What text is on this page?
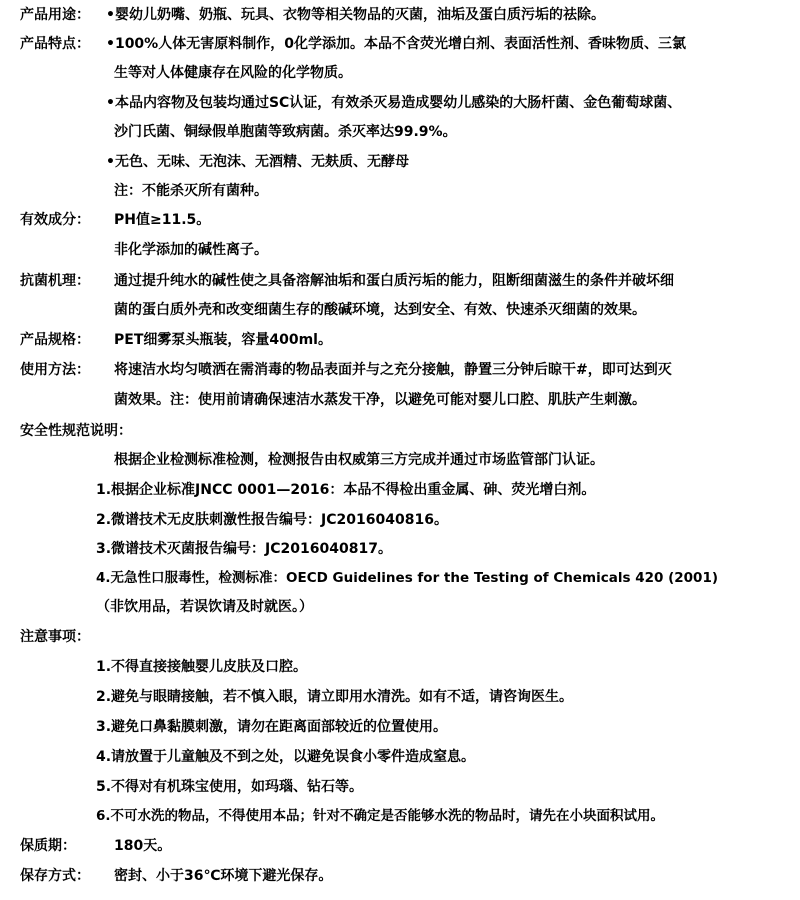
产品用途： •婴幼儿奶嘴、奶瓶、玩具、衣物等相关物品的灭菌，油垢及蛋白质污垢的祛除。
产品特点： •100%人体无害原料制作，0化学添加。本品不含荧光增白剂、表面活性剂、香味物质、三氯
生等对人体健康存在风险的化学物质。
•本品内容物及包装均通过SC认证，有效杀灭易造成婴幼儿感染的大肠杆菌、金色葡萄球菌、
沙门氏菌、铜绿假单胞菌等致病菌。杀灭率达99.9%。
•无色、无味、无泡沫、无酒精、无麸质、无酵母
注：不能杀灭所有菌种。
有效成分： PH值≥11.5。
非化学添加的碱性离子。
抗菌机理： 通过提升纯水的碱性使之具备溶解油垢和蛋白质污垢的能力，阻断细菌滋生的条件并破坏细
菌的蛋白质外壳和改变细菌生存的酸碱环境，达到安全、有效、快速杀灭细菌的效果。
产品规格： PET细雾泵头瓶装，容量400ml。
使用方法： 将速洁水均匀喷洒在需消毒的物品表面并与之充分接触，静置三分钟后晾干#，即可达到灭
菌效果。注：使用前请确保速洁水蒸发干净，以避免可能对婴儿口腔、肌肤产生刺激。
安全性规范说明：
根据企业检测标准检测，检测报告由权威第三方完成并通过市场监管部门认证。
1.根据企业标准JNCC 0001—2016：本品不得检出重金属、砷、荧光增白剂。
2.微谱技术无皮肤刺激性报告编号：JC2016040816。
3.微谱技术灭菌报告编号：JC2016040817。
4.无急性口服毒性，检测标准：OECD Guidelines for the Testing of Chemicals 420 (2001)
（非饮用品，若误饮请及时就医。）
注意事项：
1.不得直接接触婴儿皮肤及口腔。
2.避免与眼睛接触，若不慎入眼，请立即用水清洗。如有不适，请咨询医生。
3.避免口鼻黏膜刺激，请勿在距离面部较近的位置使用。
4.请放置于儿童触及不到之处，以避免误食小零件造成窒息。
5.不得对有机珠宝使用，如玛瑙、钻石等。
6.不可水洗的物品，不得使用本品；针对不确定是否能够水洗的物品时，请先在小块面积试用。
保质期：	180天。
保存方式： 密封、小于36℃环境下避光保存。
